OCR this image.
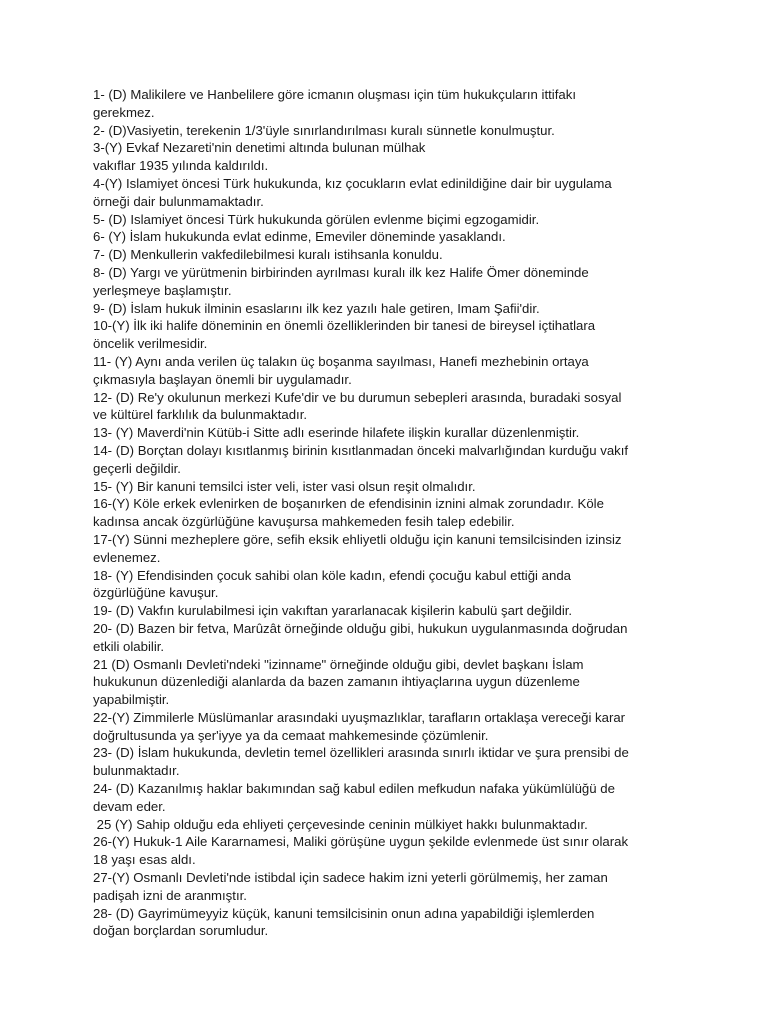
1- (D) Malikilere ve Hanbelilere göre icmanın oluşması için tüm hukukçuların ittifakı
gerekmez.
2- (D)Vasiyetin, terekenin 1/3'üyle sınırlandırılması kuralı sünnetle konulmuştur.
3-(Y) Evkaf Nezareti'nin denetimi altında bulunan mülhak
vakıflar 1935 yılında kaldırıldı.
4-(Y) Islamiyet öncesi Türk hukukunda, kız çocukların evlat edinildiğine dair bir uygulama
örneği dair bulunmamaktadır.
5- (D) Islamiyet öncesi Türk hukukunda görülen evlenme biçimi egzogamidir.
6- (Y) İslam hukukunda evlat edinme, Emeviler döneminde yasaklandı.
7- (D) Menkullerin vakfedilebilmesi kuralı istihsanla konuldu.
8- (D) Yargı ve yürütmenin birbirinden ayrılması kuralı ilk kez Halife Ömer döneminde
yerleşmeye başlamıştır.
9- (D) İslam hukuk ilminin esaslarını ilk kez yazılı hale getiren, Imam Şafii'dir.
10-(Y) İlk iki halife döneminin en önemli özelliklerinden bir tanesi de bireysel içtihatlara
öncelik verilmesidir.
11- (Y) Aynı anda verilen üç talakın üç boşanma sayılması, Hanefi mezhebinin ortaya
çıkmasıyla başlayan önemli bir uygulamadır.
12- (D) Re'y okulunun merkezi Kufe'dir ve bu durumun sebepleri arasında, buradaki sosyal
ve kültürel farklılık da bulunmaktadır.
13- (Y) Maverdi'nin Kütüb-i Sitte adlı eserinde hilafete ilişkin kurallar düzenlenmiştir.
14- (D) Borçtan dolayı kısıtlanmış birinin kısıtlanmadan önceki malvarlığından kurduğu vakıf
geçerli değildir.
15- (Y) Bir kanuni temsilci ister veli, ister vasi olsun reşit olmalıdır.
16-(Y) Köle erkek evlenirken de boşanırken de efendisinin iznini almak zorundadır. Köle
kadınsa ancak özgürlüğüne kavuşursa mahkemeden fesih talep edebilir.
17-(Y) Sünni mezheplere göre, sefih eksik ehliyetli olduğu için kanuni temsilcisinden izinsiz
evlenemez.
18- (Y) Efendisinden çocuk sahibi olan köle kadın, efendi çocuğu kabul ettiği anda
özgürlüğüne kavuşur.
19- (D) Vakfın kurulabilmesi için vakıftan yararlanacak kişilerin kabulü şart değildir.
20- (D) Bazen bir fetva, Marûzât örneğinde olduğu gibi, hukukun uygulanmasında doğrudan
etkili olabilir.
21 (D) Osmanlı Devleti'ndeki "izinname" örneğinde olduğu gibi, devlet başkanı İslam
hukukunun düzenlediği alanlarda da bazen zamanın ihtiyaçlarına uygun düzenleme
yapabilmiştir.
22-(Y) Zimmilerle Müslümanlar arasındaki uyuşmazlıklar, tarafların ortaklaşa vereceği karar
doğrultusunda ya şer'iyye ya da cemaat mahkemesinde çözümlenir.
23- (D) İslam hukukunda, devletin temel özellikleri arasında sınırlı iktidar ve şura prensibi de
bulunmaktadır.
24- (D) Kazanılmış haklar bakımından sağ kabul edilen mefkudun nafaka yükümlülüğü de
devam eder.
25 (Y) Sahip olduğu eda ehliyeti çerçevesinde ceninin mülkiyet hakkı bulunmaktadır.
26-(Y) Hukuk-1 Aile Kararnamesi, Maliki görüşüne uygun şekilde evlenmede üst sınır olarak
18 yaşı esas aldı.
27-(Y) Osmanlı Devleti'nde istibdal için sadece hakim izni yeterli görülmemiş, her zaman
padişah izni de aranmıştır.
28- (D) Gayrimümeyyiz küçük, kanuni temsilcisinin onun adına yapabildiği işlemlerden
doğan borçlardan sorumludur.
